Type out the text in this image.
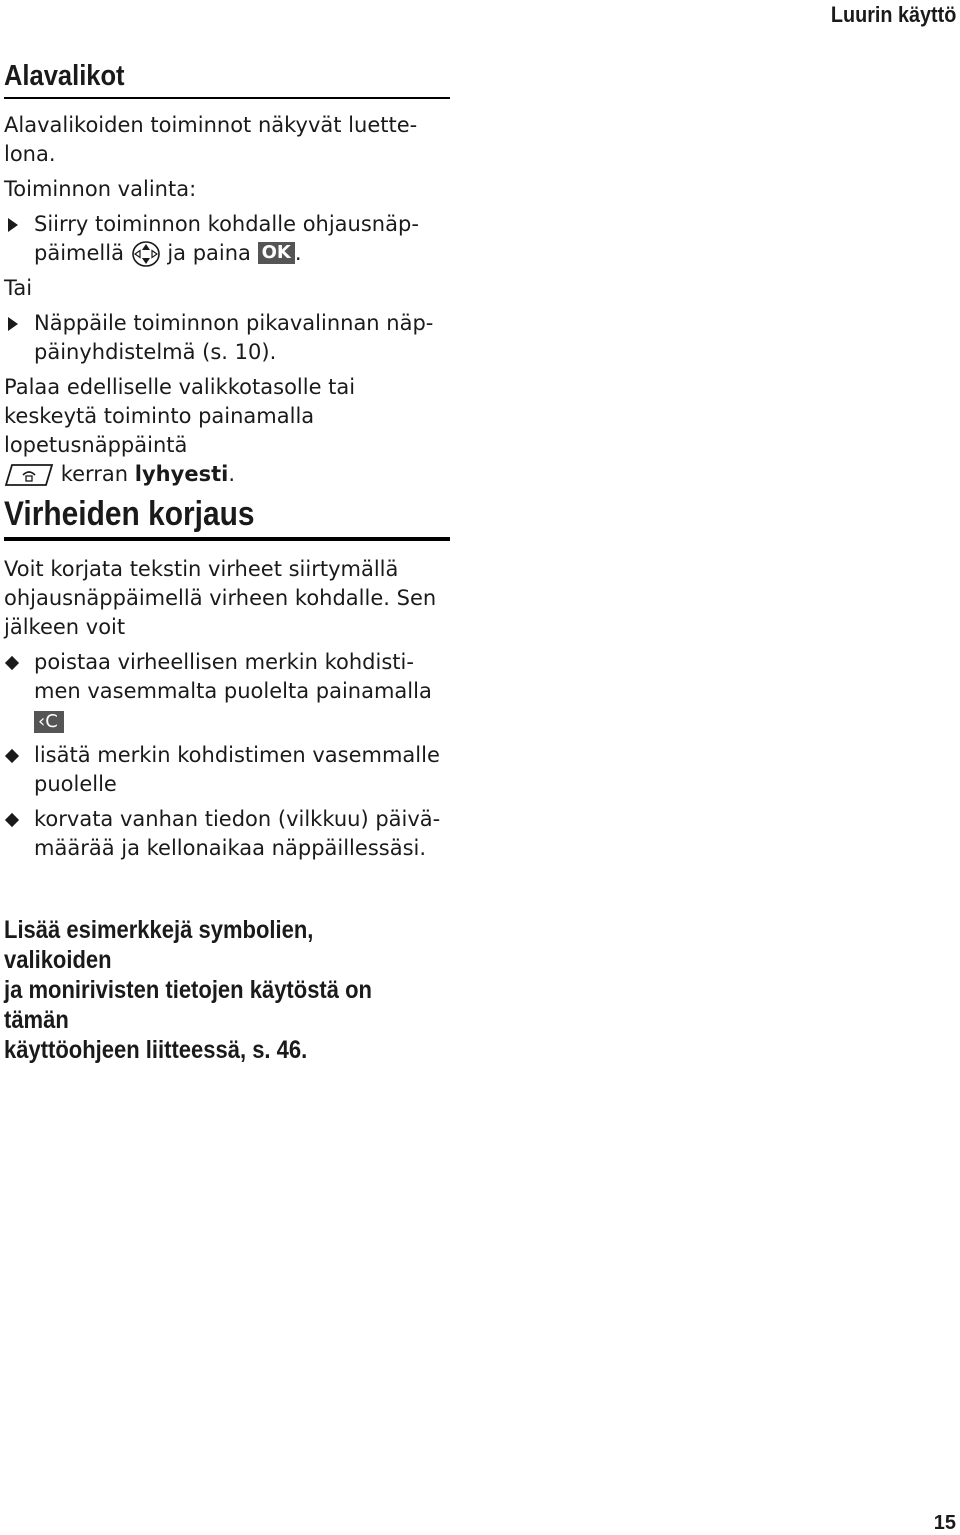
Luurin käyttö
Alavalikot
Alavalikoiden toiminnot näkyvät luette-
lona.
Toiminnon valinta:
Siirry toiminnon kohdalle ohjausnäp-
päimellä  ja paina OK .
Tai
Näppäile toiminnon pikavalinnan näp-
päinyhdistelmä (s. 10).
Palaa edelliselle valikkotasolle tai keskeytä toiminto painamalla lopetusnäppäintä
kerran lyhyesti.
Virheiden korjaus
Voit korjata tekstin virheet siirtymällä ohjausnäppäimellä virheen kohdalle. Sen jälkeen voit
poistaa virheellisen merkin kohdisti-
men vasemmalta puolelta painamalla
‹C
lisätä merkin kohdistimen vasemmalle
puolelle
korvata vanhan tiedon (vilkkuu) päivä-
määrää ja kellonaikaa näppäillessäsi.
Lisää esimerkkejä symbolien, valikoiden
ja monirivisten tietojen käytöstä on tämän
käyttöohjeen liitteessä, s. 46.
15
